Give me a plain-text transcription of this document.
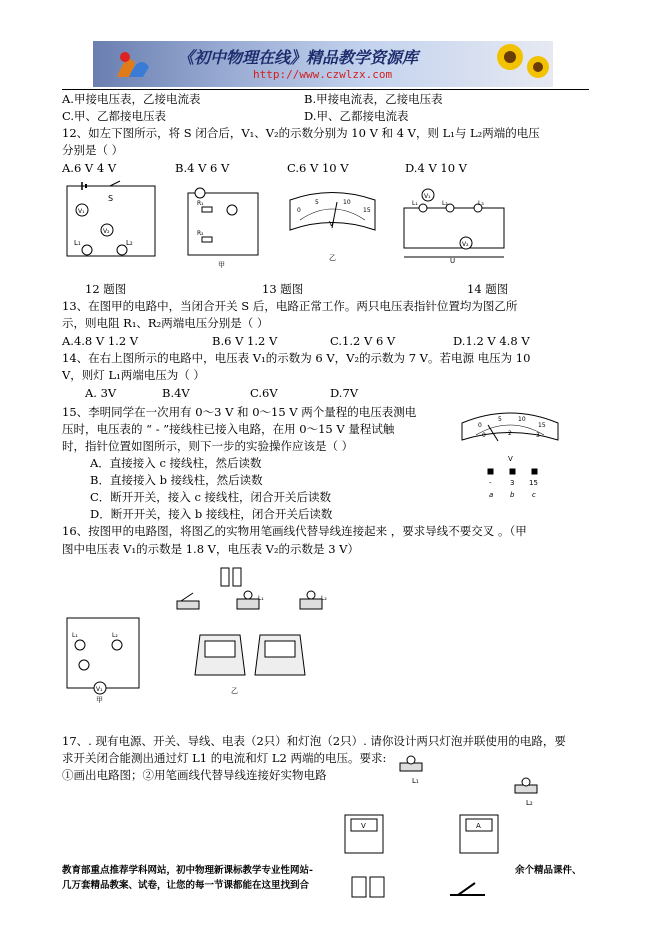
《初中物理在线》精品教学资源库
http://www.czwlzx.com
A.甲接电压表，乙接电流表	B.甲接电流表，乙接电压表
C.甲、乙都接电压表	D.甲、乙都接电流表
12、如左下图所示，将 S 闭合后，V₁、V₂的示数分别为 10 V 和 4 V，则 L₁与 L₂两端的电压
分别是（ ）
A.6 V 4 V	B.4 V 6 V	C.6 V 10 V	D.4 V 10 V
V₁
V₂
S
L₁	L₂
R₁
R₂
甲
0
5	10
15
V
乙
V₁
V₂
L₁	L₂	L₃
U
12 题图	13 题图	14 题图
13、在图甲的电路中，当闭合开关 S 后，电路正常工作。两只电压表指针位置均为图乙所
示，则电阻 R₁、R₂两端电压分别是（ ）
A.4.8 V 1.2 V	B.6 V 1.2 V	C.1.2 V 6 V	D.1.2 V 4.8 V
14、在右上图所示的电路中，电压表 V₁的示数为 6 V，V₂的示数为 7 V。若电源 电压为 10
V，则灯 L₁两端电压为（ ）
A. 3V	B.4V	C.6V	D.7V
15、李明同学在一次用有 0～3 V 和 0～15 V 两个量程的电压表测电
压时，电压表的 “ - ”接线柱已接入电路，在用 0～15 V 量程试触
时，指针位置如图所示，则下一步的实验操作应该是（ ）
A．直接接入 c 接线柱，然后读数
B．直接接入 b 接线柱，然后读数
C．断开开关，接入 c 接线柱，闭合开关后读数
D．断开开关，接入 b 接线柱，闭合开关后读数
0
5	10
15
0	2	3
V
-	3 15
a b	c
16、按图甲的电路图，将图乙的实物用笔画线代替导线连接起来 ，要求导线不要交叉 。（甲
图中电压表 V₁的示数是 1.8 V，电压表 V₂的示数是 3 V）
L₁	L₂
V₁
甲
L₁	L₂
乙
17、. 现有电源、开关、导线、电表（2只）和灯泡（2只）. 请你设计两只灯泡并联使用的电路，要
求开关闭合能测出通过灯 L1 的电流和灯 L2 两端的电压。要求:
①画出电路图；②用笔画线代替导线连接好实物电路	L₁
L₂
V	A
教育部重点推荐学科网站，初中物理新课标教学专业性网站-	余个精品课件、
几万套精品教案、试卷，让您的每一节课都能在这里找到合
